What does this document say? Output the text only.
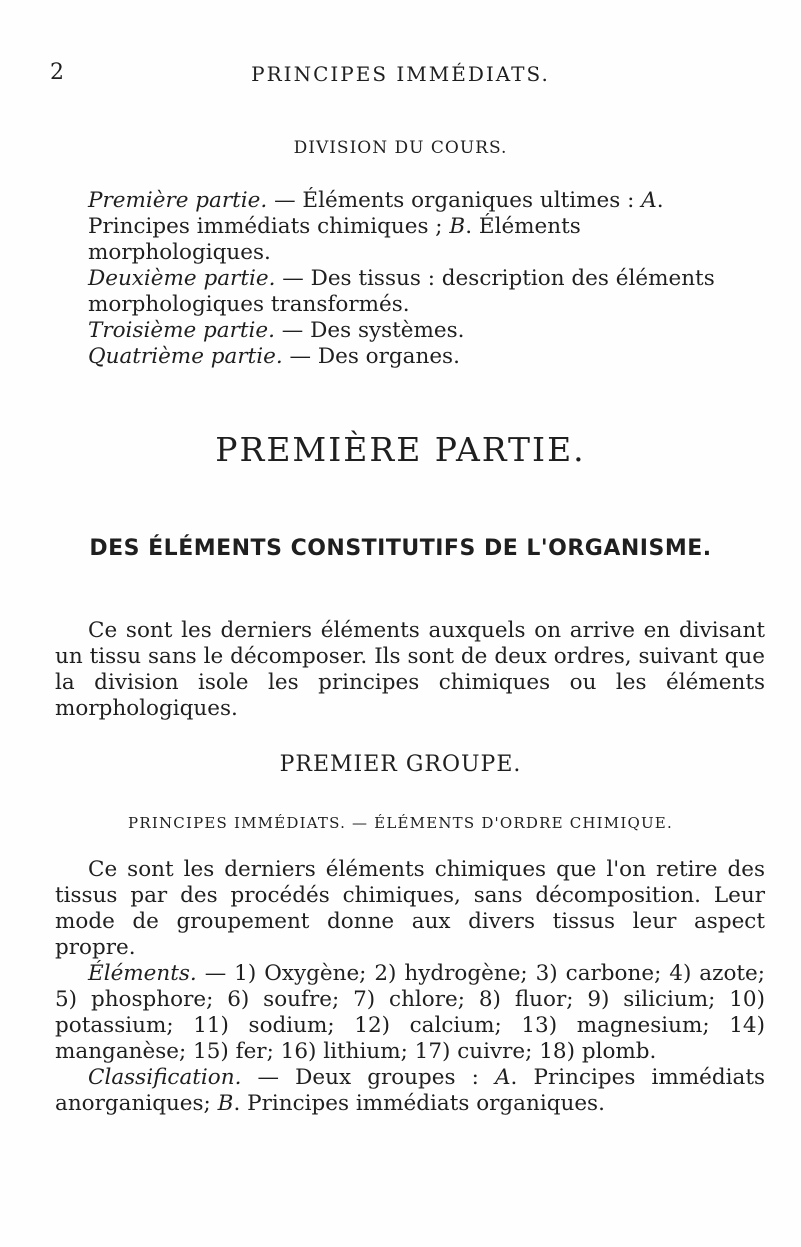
2	PRINCIPES IMMÉDIATS.
DIVISION DU COURS.

Première partie. — Éléments organiques ultimes : A. Principes immédiats chimiques ; B. Éléments morphologiques.

Deuxième partie. — Des tissus : description des éléments morphologiques transformés.

Troisième partie. — Des systèmes.

Quatrième partie. — Des organes.

PREMIÈRE PARTIE.
DES ÉLÉMENTS CONSTITUTIFS DE L'ORGANISME.
Ce sont les derniers éléments auxquels on arrive en divisant un tissu sans le décomposer. Ils sont de deux ordres, suivant que la division isole les principes chimiques ou les éléments morphologiques.
PREMIER GROUPE.
PRINCIPES IMMÉDIATS. — ÉLÉMENTS D'ORDRE CHIMIQUE.

Ce sont les derniers éléments chimiques que l'on retire des tissus par des procédés chimiques, sans décomposition. Leur mode de groupement donne aux divers tissus leur aspect propre.

Éléments. — 1) Oxygène; 2) hydrogène; 3) carbone; 4) azote; 5) phosphore; 6) soufre; 7) chlore; 8) fluor; 9) silicium; 10) potassium; 11) sodium; 12) calcium; 13) magnesium; 14) manganèse; 15) fer; 16) lithium; 17) cuivre; 18) plomb.

Classification. — Deux groupes : A. Principes immédiats anorganiques; B. Principes immédiats organiques.
